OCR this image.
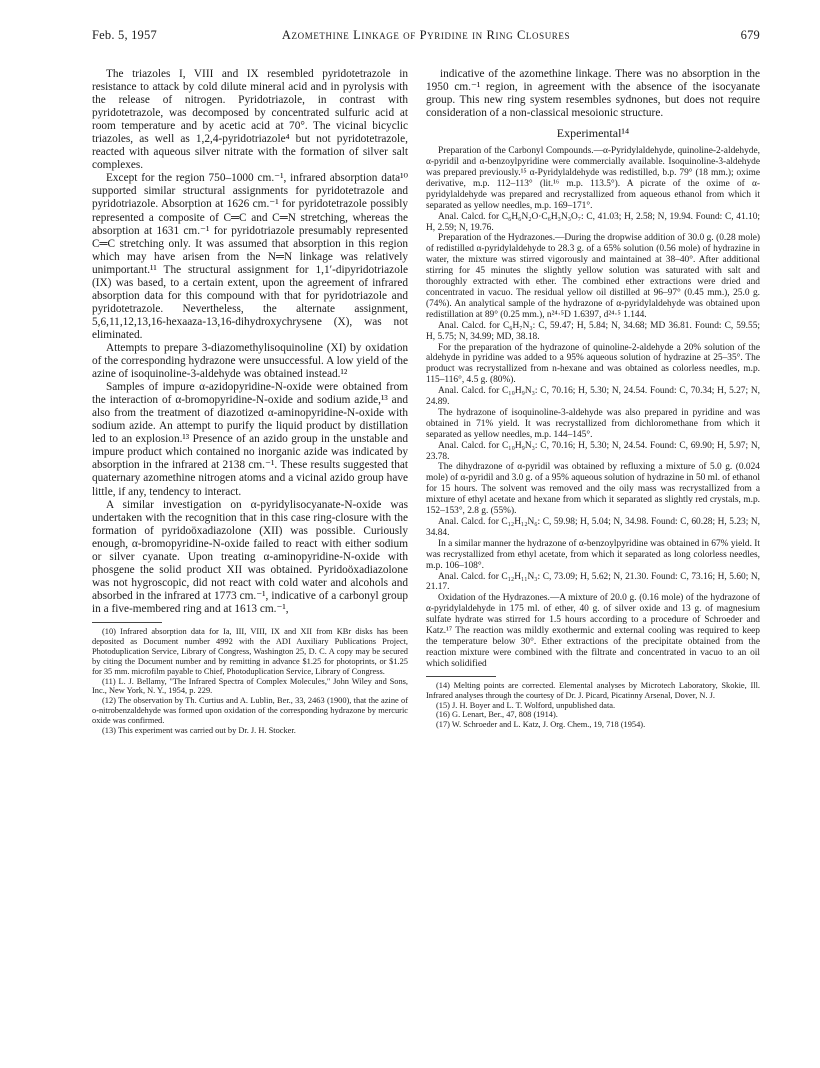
Feb. 5, 1957	Azomethine Linkage of Pyridine in Ring Closures	679

The triazoles I, VIII and IX resembled pyridotetrazole in resistance to attack by cold dilute mineral acid and in pyrolysis with the release of nitrogen. Pyridotriazole, in contrast with pyridotetrazole, was decomposed by concentrated sulfuric acid at room temperature and by acetic acid at 70°. The vicinal bicyclic triazoles, as well as 1,2,4-pyridotriazole⁴ but not pyridotetrazole, reacted with aqueous silver nitrate with the formation of silver salt complexes.

Except for the region 750–1000 cm.⁻¹, infrared absorption data¹⁰ supported similar structural assignments for pyridotetrazole and pyridotriazole. Absorption at 1626 cm.⁻¹ for pyridotetrazole possibly represented a composite of C═C and C═N stretching, whereas the absorption at 1631 cm.⁻¹ for pyridotriazole presumably represented C═C stretching only. It was assumed that absorption in this region which may have arisen from the N═N linkage was relatively unimportant.¹¹ The structural assignment for 1,1′-dipyridotriazole (IX) was based, to a certain extent, upon the agreement of infrared absorption data for this compound with that for pyridotriazole and pyridotetrazole. Nevertheless, the alternate assignment, 5,6,11,12,13,16-hexaaza-13,16-dihydroxychrysene (X), was not eliminated.

Attempts to prepare 3-diazomethylisoquinoline (XI) by oxidation of the corresponding hydrazone were unsuccessful. A low yield of the azine of isoquinoline-3-aldehyde was obtained instead.¹²

Samples of impure α-azidopyridine-N-oxide were obtained from the interaction of α-bromopyridine-N-oxide and sodium azide,¹³ and also from the treatment of diazotized α-aminopyridine-N-oxide with sodium azide. An attempt to purify the liquid product by distillation led to an explosion.¹³ Presence of an azido group in the unstable and impure product which contained no inorganic azide was indicated by absorption in the infrared at 2138 cm.⁻¹. These results suggested that quaternary azomethine nitrogen atoms and a vicinal azido group have little, if any, tendency to interact.

A similar investigation on α-pyridylisocyanate-N-oxide was undertaken with the recognition that in this case ring-closure with the formation of pyridoöxadiazolone (XII) was possible. Curiously enough, α-bromopyridine-N-oxide failed to react with either sodium or silver cyanate. Upon treating α-aminopyridine-N-oxide with phosgene the solid product XII was obtained. Pyridoöxadiazolone was not hygroscopic, did not react with cold water and alcohols and absorbed in the infrared at 1773 cm.⁻¹, indicative of a carbonyl group in a five-membered ring and at 1613 cm.⁻¹,

(10) Infrared absorption data for Ia, III, VIII, IX and XII from KBr disks has been deposited as Document number 4992 with the ADI Auxiliary Publications Project, Photoduplication Service, Library of Congress, Washington 25, D. C. A copy may be secured by citing the Document number and by remitting in advance $1.25 for photoprints, or $1.25 for 35 mm. microfilm payable to Chief, Photoduplication Service, Library of Congress.

(11) L. J. Bellamy, "The Infrared Spectra of Complex Molecules," John Wiley and Sons, Inc., New York, N. Y., 1954, p. 229.

(12) The observation by Th. Curtius and A. Lublin, Ber., 33, 2463 (1900), that the azine of o-nitrobenzaldehyde was formed upon oxidation of the corresponding hydrazone by mercuric oxide was confirmed.

(13) This experiment was carried out by Dr. J. H. Stocker.

indicative of the azomethine linkage. There was no absorption in the 1950 cm.⁻¹ region, in agreement with the absence of the isocyanate group. This new ring system resembles sydnones, but does not require consideration of a non-classical mesoionic structure.

Experimental¹⁴

Preparation of the Carbonyl Compounds.—α-Pyridylaldehyde, quinoline-2-aldehyde, α-pyridil and α-benzoylpyridine were commercially available. Isoquinoline-3-aldehyde was prepared previously.¹⁵ α-Pyridylaldehyde was redistilled, b.p. 79° (18 mm.); oxime derivative, m.p. 112–113° (lit.¹⁶ m.p. 113.5°). A picrate of the oxime of α-pyridylaldehyde was prepared and recrystallized from aqueous ethanol from which it separated as yellow needles, m.p. 169–171°.

Anal. Calcd. for C₆H₆N₂O·C₆H₃N₃O₇: C, 41.03; H, 2.58; N, 19.94. Found: C, 41.10; H, 2.59; N, 19.76.

Preparation of the Hydrazones.—During the dropwise addition of 30.0 g. (0.28 mole) of redistilled α-pyridylaldehyde to 28.3 g. of a 65% solution (0.56 mole) of hydrazine in water, the mixture was stirred vigorously and maintained at 38–40°. After additional stirring for 45 minutes the slightly yellow solution was saturated with salt and thoroughly extracted with ether. The combined ether extractions were dried and concentrated in vacuo. The residual yellow oil distilled at 96–97° (0.45 mm.), 25.0 g. (74%). An analytical sample of the hydrazone of α-pyridylaldehyde was obtained upon redistillation at 89° (0.25 mm.), n²⁴·⁵D 1.6397, d²⁴·⁵ 1.144.

Anal. Calcd. for C₆H₇N₃: C, 59.47; H, 5.84; N, 34.68; MD 36.81. Found: C, 59.55; H, 5.75; N, 34.99; MD, 38.18.

For the preparation of the hydrazone of quinoline-2-aldehyde a 20% solution of the aldehyde in pyridine was added to a 95% aqueous solution of hydrazine at 25–35°. The product was recrystallized from n-hexane and was obtained as colorless needles, m.p. 115–116°, 4.5 g. (80%).

Anal. Calcd. for C₁₀H₉N₃: C, 70.16; H, 5.30; N, 24.54. Found: C, 70.34; H, 5.27; N, 24.89.

The hydrazone of isoquinoline-3-aldehyde was also prepared in pyridine and was obtained in 71% yield. It was recrystallized from dichloromethane from which it separated as yellow needles, m.p. 144–145°.

Anal. Calcd. for C₁₀H₉N₃: C, 70.16; H, 5.30; N, 24.54. Found: C, 69.90; H, 5.97; N, 23.78.

The dihydrazone of α-pyridil was obtained by refluxing a mixture of 5.0 g. (0.024 mole) of α-pyridil and 3.0 g. of a 95% aqueous solution of hydrazine in 50 ml. of ethanol for 15 hours. The solvent was removed and the oily mass was recrystallized from a mixture of ethyl acetate and hexane from which it separated as slightly red crystals, m.p. 152–153°, 2.8 g. (55%).

Anal. Calcd. for C₁₂H₁₂N₆: C, 59.98; H, 5.04; N, 34.98. Found: C, 60.28; H, 5.23; N, 34.84.

In a similar manner the hydrazone of α-benzoylpyridine was obtained in 67% yield. It was recrystallized from ethyl acetate, from which it separated as long colorless needles, m.p. 106–108°.

Anal. Calcd. for C₁₂H₁₁N₃: C, 73.09; H, 5.62; N, 21.30. Found: C, 73.16; H, 5.60; N, 21.17.

Oxidation of the Hydrazones.—A mixture of 20.0 g. (0.16 mole) of the hydrazone of α-pyridylaldehyde in 175 ml. of ether, 40 g. of silver oxide and 13 g. of magnesium sulfate hydrate was stirred for 1.5 hours according to a procedure of Schroeder and Katz.¹⁷ The reaction was mildly exothermic and external cooling was required to keep the temperature below 30°. Ether extractions of the precipitate obtained from the reaction mixture were combined with the filtrate and concentrated in vacuo to an oil which solidified

(14) Melting points are corrected. Elemental analyses by Microtech Laboratory, Skokie, Ill. Infrared analyses through the courtesy of Dr. J. Picard, Picatinny Arsenal, Dover, N. J.

(15) J. H. Boyer and L. T. Wolford, unpublished data.

(16) G. Lenart, Ber., 47, 808 (1914).

(17) W. Schroeder and L. Katz, J. Org. Chem., 19, 718 (1954).
